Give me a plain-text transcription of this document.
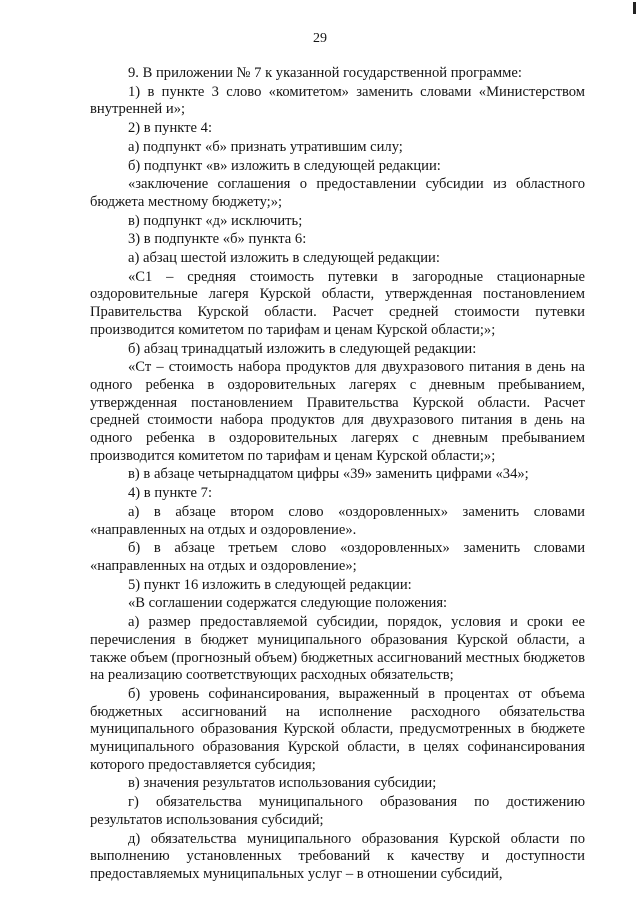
29

9. В приложении № 7 к указанной государственной программе:

1) в пункте 3 слово «комитетом» заменить словами «Министерством внутренней и»;

2) в пункте 4:

а) подпункт «б» признать утратившим силу;

б) подпункт «в» изложить в следующей редакции:

«заключение соглашения о предоставлении субсидии из областного бюджета местному бюджету;»;

в) подпункт «д» исключить;

3) в подпункте «б» пункта 6:

а) абзац шестой изложить в следующей редакции:

«С1 – средняя стоимость путевки в загородные стационарные оздоровительные лагеря Курской области, утвержденная постановлением Правительства Курской области. Расчет средней стоимости путевки производится комитетом по тарифам и ценам Курской области;»;

б) абзац тринадцатый изложить в следующей редакции:

«Ст – стоимость набора продуктов для двухразового питания в день на одного ребенка в оздоровительных лагерях с дневным пребыванием, утвержденная постановлением Правительства Курской области. Расчет средней стоимости набора продуктов для двухразового питания в день на одного ребенка в оздоровительных лагерях с дневным пребыванием производится комитетом по тарифам и ценам Курской области;»;

в) в абзаце четырнадцатом цифры «39» заменить цифрами «34»;

4) в пункте 7:

а) в абзаце втором слово «оздоровленных» заменить словами «направленных на отдых и оздоровление».

б) в абзаце третьем слово «оздоровленных» заменить словами «направленных на отдых и оздоровление»;

5) пункт 16 изложить в следующей редакции:

«В соглашении содержатся следующие положения:

а) размер предоставляемой субсидии, порядок, условия и сроки ее перечисления в бюджет муниципального образования Курской области, а также объем (прогнозный объем) бюджетных ассигнований местных бюджетов на реализацию соответствующих расходных обязательств;

б) уровень софинансирования, выраженный в процентах от объема бюджетных ассигнований на исполнение расходного обязательства муниципального образования Курской области, предусмотренных в бюджете муниципального образования Курской области, в целях софинансирования которого предоставляется субсидия;

в) значения результатов использования субсидии;

г) обязательства муниципального образования по достижению результатов использования субсидий;

д) обязательства муниципального образования Курской области по выполнению установленных требований к качеству и доступности предоставляемых муниципальных услуг – в отношении субсидий,
